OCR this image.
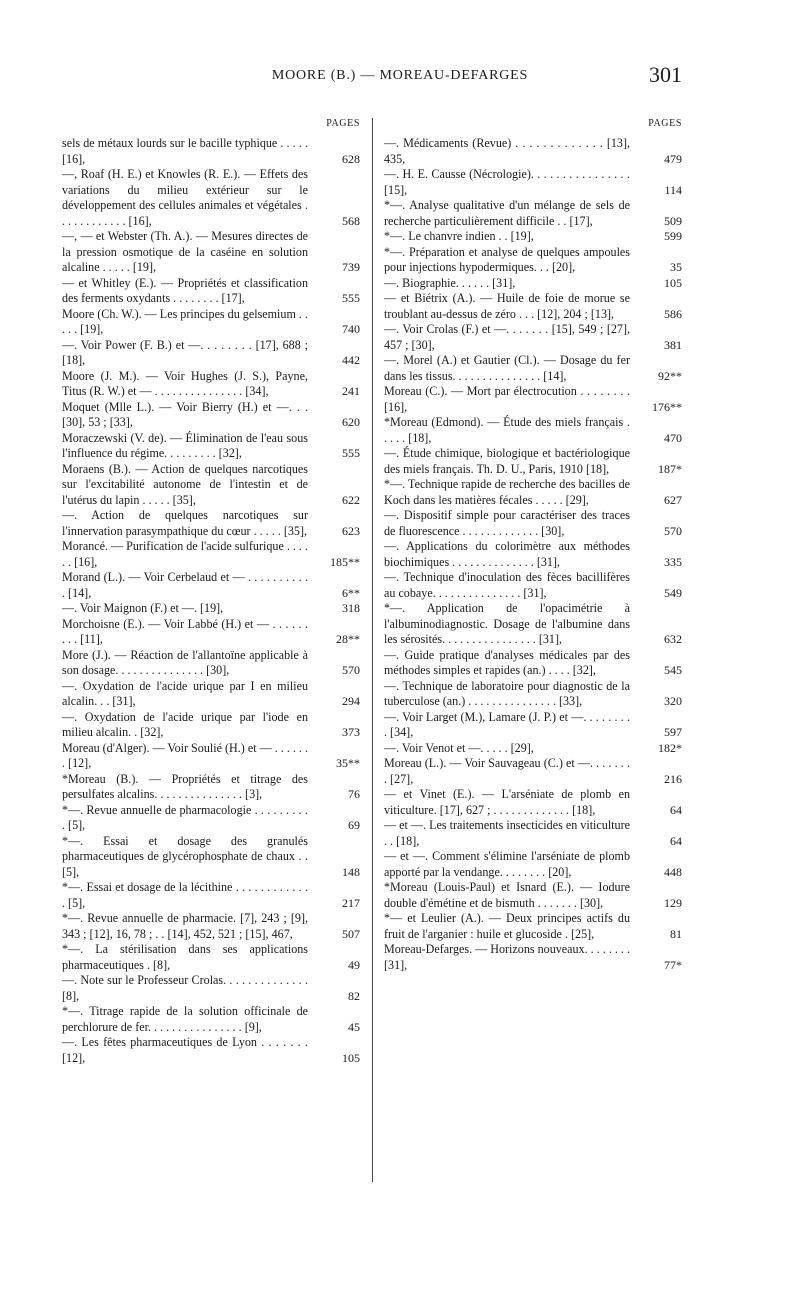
MOORE (B.) — MOREAU-DEFARGES	301
PAGES
sels de métaux lourds sur le bacille typhique . . . . . [16],	628
—, Roaf (H. E.) et Knowles (R. E.). — Effets des variations du milieu extérieur sur le développement des cellules animales et végétales . . . . . . . . . . . . [16],	568
—, — et Webster (Th. A.). — Mesures directes de la pression osmotique de la caséine en solution alcaline . . . . . [19],	739
— et Whitley (E.). — Propriétés et classification des ferments oxydants . . . . . . . . [17],	555
Moore (Ch. W.). — Les principes du gelsemium . . . . . [19],	740
—. Voir Power (F. B.) et —. . . . . . . . [17], 688 ; [18],	442
Moore (J. M.). — Voir Hughes (J. S.), Payne, Titus (R. W.) et — . . . . . . . . . . . . . . . [34],	241
Moquet (Mlle L.). — Voir Bierry (H.) et —. . . [30], 53 ; [33],	620
Moraczewski (V. de). — Élimination de l'eau sous l'influence du régime. . . . . . . . . [32],	555
Moraens (B.). — Action de quelques narcotiques sur l'excitabilité autonome de l'intestin et de l'utérus du lapin . . . . . [35],	622
—. Action de quelques narcotiques sur l'innervation parasympathique du cœur . . . . . [35],	623
Morancé. — Purification de l'acide sulfurique . . . . . . [16],	185**
Morand (L.). — Voir Cerbelaud et — . . . . . . . . . . . [14],	6**
—. Voir Maignon (F.) et —. [19],	318
Morchoisne (E.). — Voir Labbé (H.) et — . . . . . . . . . [11],	28**
More (J.). — Réaction de l'allantoïne applicable à son dosage. . . . . . . . . . . . . . . [30],	570
—. Oxydation de l'acide urique par I en milieu alcalin. . . [31],	294
—. Oxydation de l'acide urique par l'iode en milieu alcalin. . [32],	373
Moreau (d'Alger). — Voir Soulié (H.) et — . . . . . . . [12],	35**
*Moreau (B.). — Propriétés et titrage des persulfates alcalins. . . . . . . . . . . . . . . [3],	76
*—. Revue annuelle de pharmacologie . . . . . . . . . . [5],	69
*—. Essai et dosage des granulés pharmaceutiques de glycérophosphate de chaux . . [5],	148
*—. Essai et dosage de la lécithine . . . . . . . . . . . . . [5],	217
*—. Revue annuelle de pharmacie. [7], 243 ; [9], 343 ; [12], 16, 78 ; . . [14], 452, 521 ; [15], 467,	507
*—. La stérilisation dans ses applications pharmaceutiques . [8],	49
—. Note sur le Professeur Crolas. . . . . . . . . . . . . . [8],	82
*—. Titrage rapide de la solution officinale de perchlorure de fer. . . . . . . . . . . . . . . . [9],	45
—. Les fêtes pharmaceutiques de Lyon . . . . . . . [12],	105
PAGES
—. Médicaments (Revue) . . . . . . . . . . . . . [13], 435,	479
—. H. E. Causse (Nécrologie). . . . . . . . . . . . . . . . [15],	114
*—. Analyse qualitative d'un mélange de sels de recherche particulièrement difficile . . [17],	509
*—. Le chanvre indien . . [19],	599
*—. Préparation et analyse de quelques ampoules pour injections hypodermiques. . . [20],	35
—. Biographie. . . . . . [31],	105
— et Biétrix (A.). — Huile de foie de morue se troublant au-dessus de zéro . . . [12], 204 ; [13],	586
—. Voir Crolas (F.) et —. . . . . . . [15], 549 ; [27], 457 ; [30],	381
—. Morel (A.) et Gautier (Cl.). — Dosage du fer dans les tissus. . . . . . . . . . . . . . . [14],	92**
Moreau (C.). — Mort par électrocution . . . . . . . . [16],	176**
*Moreau (Edmond). — Étude des miels français . . . . . [18],	470
—. Étude chimique, biologique et bactériologique des miels français. Th. D. U., Paris, 1910 [18],	187*
*—. Technique rapide de recherche des bacilles de Koch dans les matières fécales . . . . . [29],	627
—. Dispositif simple pour caractériser des traces de fluorescence . . . . . . . . . . . . . [30],	570
—. Applications du colorimètre aux méthodes biochimiques . . . . . . . . . . . . . . [31],	335
—. Technique d'inoculation des fèces bacillifères au cobaye. . . . . . . . . . . . . . . [31],	549
*—. Application de l'opacimétrie à l'albuminodiagnostic. Dosage de l'albumine dans les sérosités. . . . . . . . . . . . . . . . [31],	632
—. Guide pratique d'analyses médicales par des méthodes simples et rapides (an.) . . . . [32],	545
—. Technique de laboratoire pour diagnostic de la tuberculose (an.) . . . . . . . . . . . . . . . [33],	320
—. Voir Larget (M.), Lamare (J. P.) et —. . . . . . . . . [34],	597
—. Voir Venot et —. . . . . [29],	182*
Moreau (L.). — Voir Sauvageau (C.) et —. . . . . . . . [27],	216
— et Vinet (E.). — L'arséniate de plomb en viticulture. [17], 627 ; . . . . . . . . . . . . . [18],	64
— et —. Les traitements insecticides en viticulture . . [18],	64
— et —. Comment s'élimine l'arséniate de plomb apporté par la vendange. . . . . . . . [20],	448
*Moreau (Louis-Paul) et Isnard (E.). — Iodure double d'émétine et de bismuth . . . . . . . [30],	129
*— et Leulier (A.). — Deux principes actifs du fruit de l'arganier : huile et glucoside . [25],	81
Moreau-Defarges. — Horizons nouveaux. . . . . . . . [31],	77*
